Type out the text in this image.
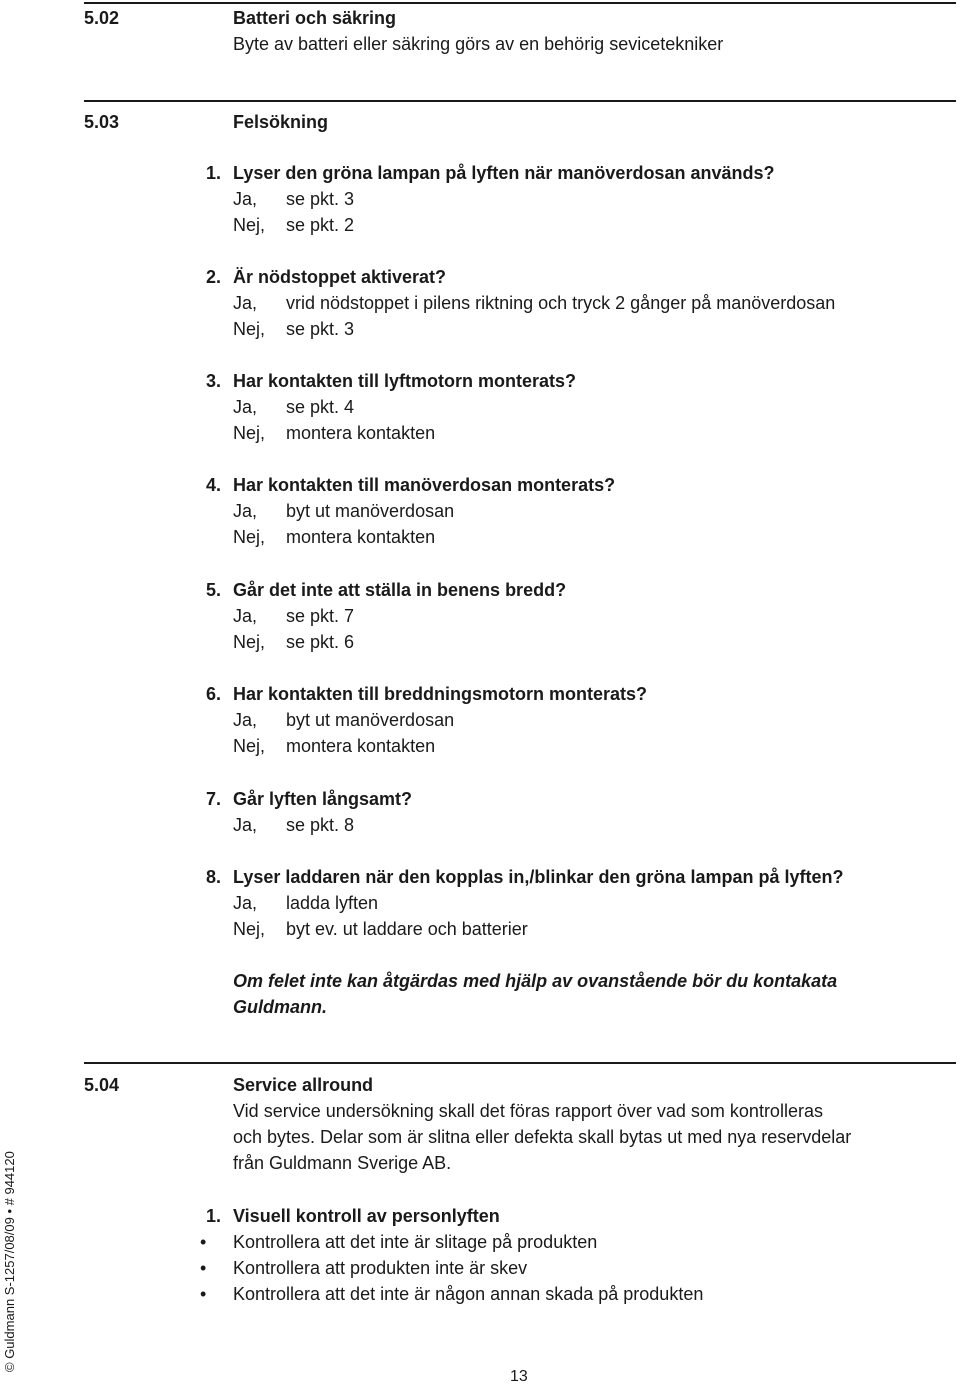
5.02	Batteri och säkring
Byte av batteri eller säkring görs av en behörig sevicetekniker
5.03	Felsökning
1. Lyser den gröna lampan på lyften när manöverdosan används?
Ja, se pkt. 3
Nej, se pkt. 2
2. Är nödstoppet aktiverat?
Ja, vrid nödstoppet i pilens riktning och tryck 2 gånger på manöverdosan
Nej, se pkt. 3
3. Har kontakten till lyftmotorn monterats?
Ja, se pkt. 4
Nej, montera kontakten
4. Har kontakten till manöverdosan monterats?
Ja, byt ut manöverdosan
Nej, montera kontakten
5. Går det inte att ställa in benens bredd?
Ja, se pkt. 7
Nej, se pkt. 6
6. Har kontakten till breddningsmotorn monterats?
Ja, byt ut manöverdosan
Nej, montera kontakten
7. Går lyften långsamt?
Ja, se pkt. 8
8. Lyser laddaren när den kopplas in,/blinkar den gröna lampan på lyften?
Ja, ladda lyften
Nej, byt ev. ut laddare och batterier
Om felet inte kan åtgärdas med hjälp av ovanstående bör du kontakata
Guldmann.
5.04	Service allround
Vid service undersökning skall det föras rapport över vad som kontrolleras
och bytes. Delar som är slitna eller defekta skall bytas ut med nya reservdelar
från Guldmann Sverige AB.
1. Visuell kontroll av personlyften
• Kontrollera att det inte är slitage på produkten
• Kontrollera att produkten inte är skev
• Kontrollera att det inte är någon annan skada på produkten
© Guldmann S-1257/08/09 • # 944120
13
